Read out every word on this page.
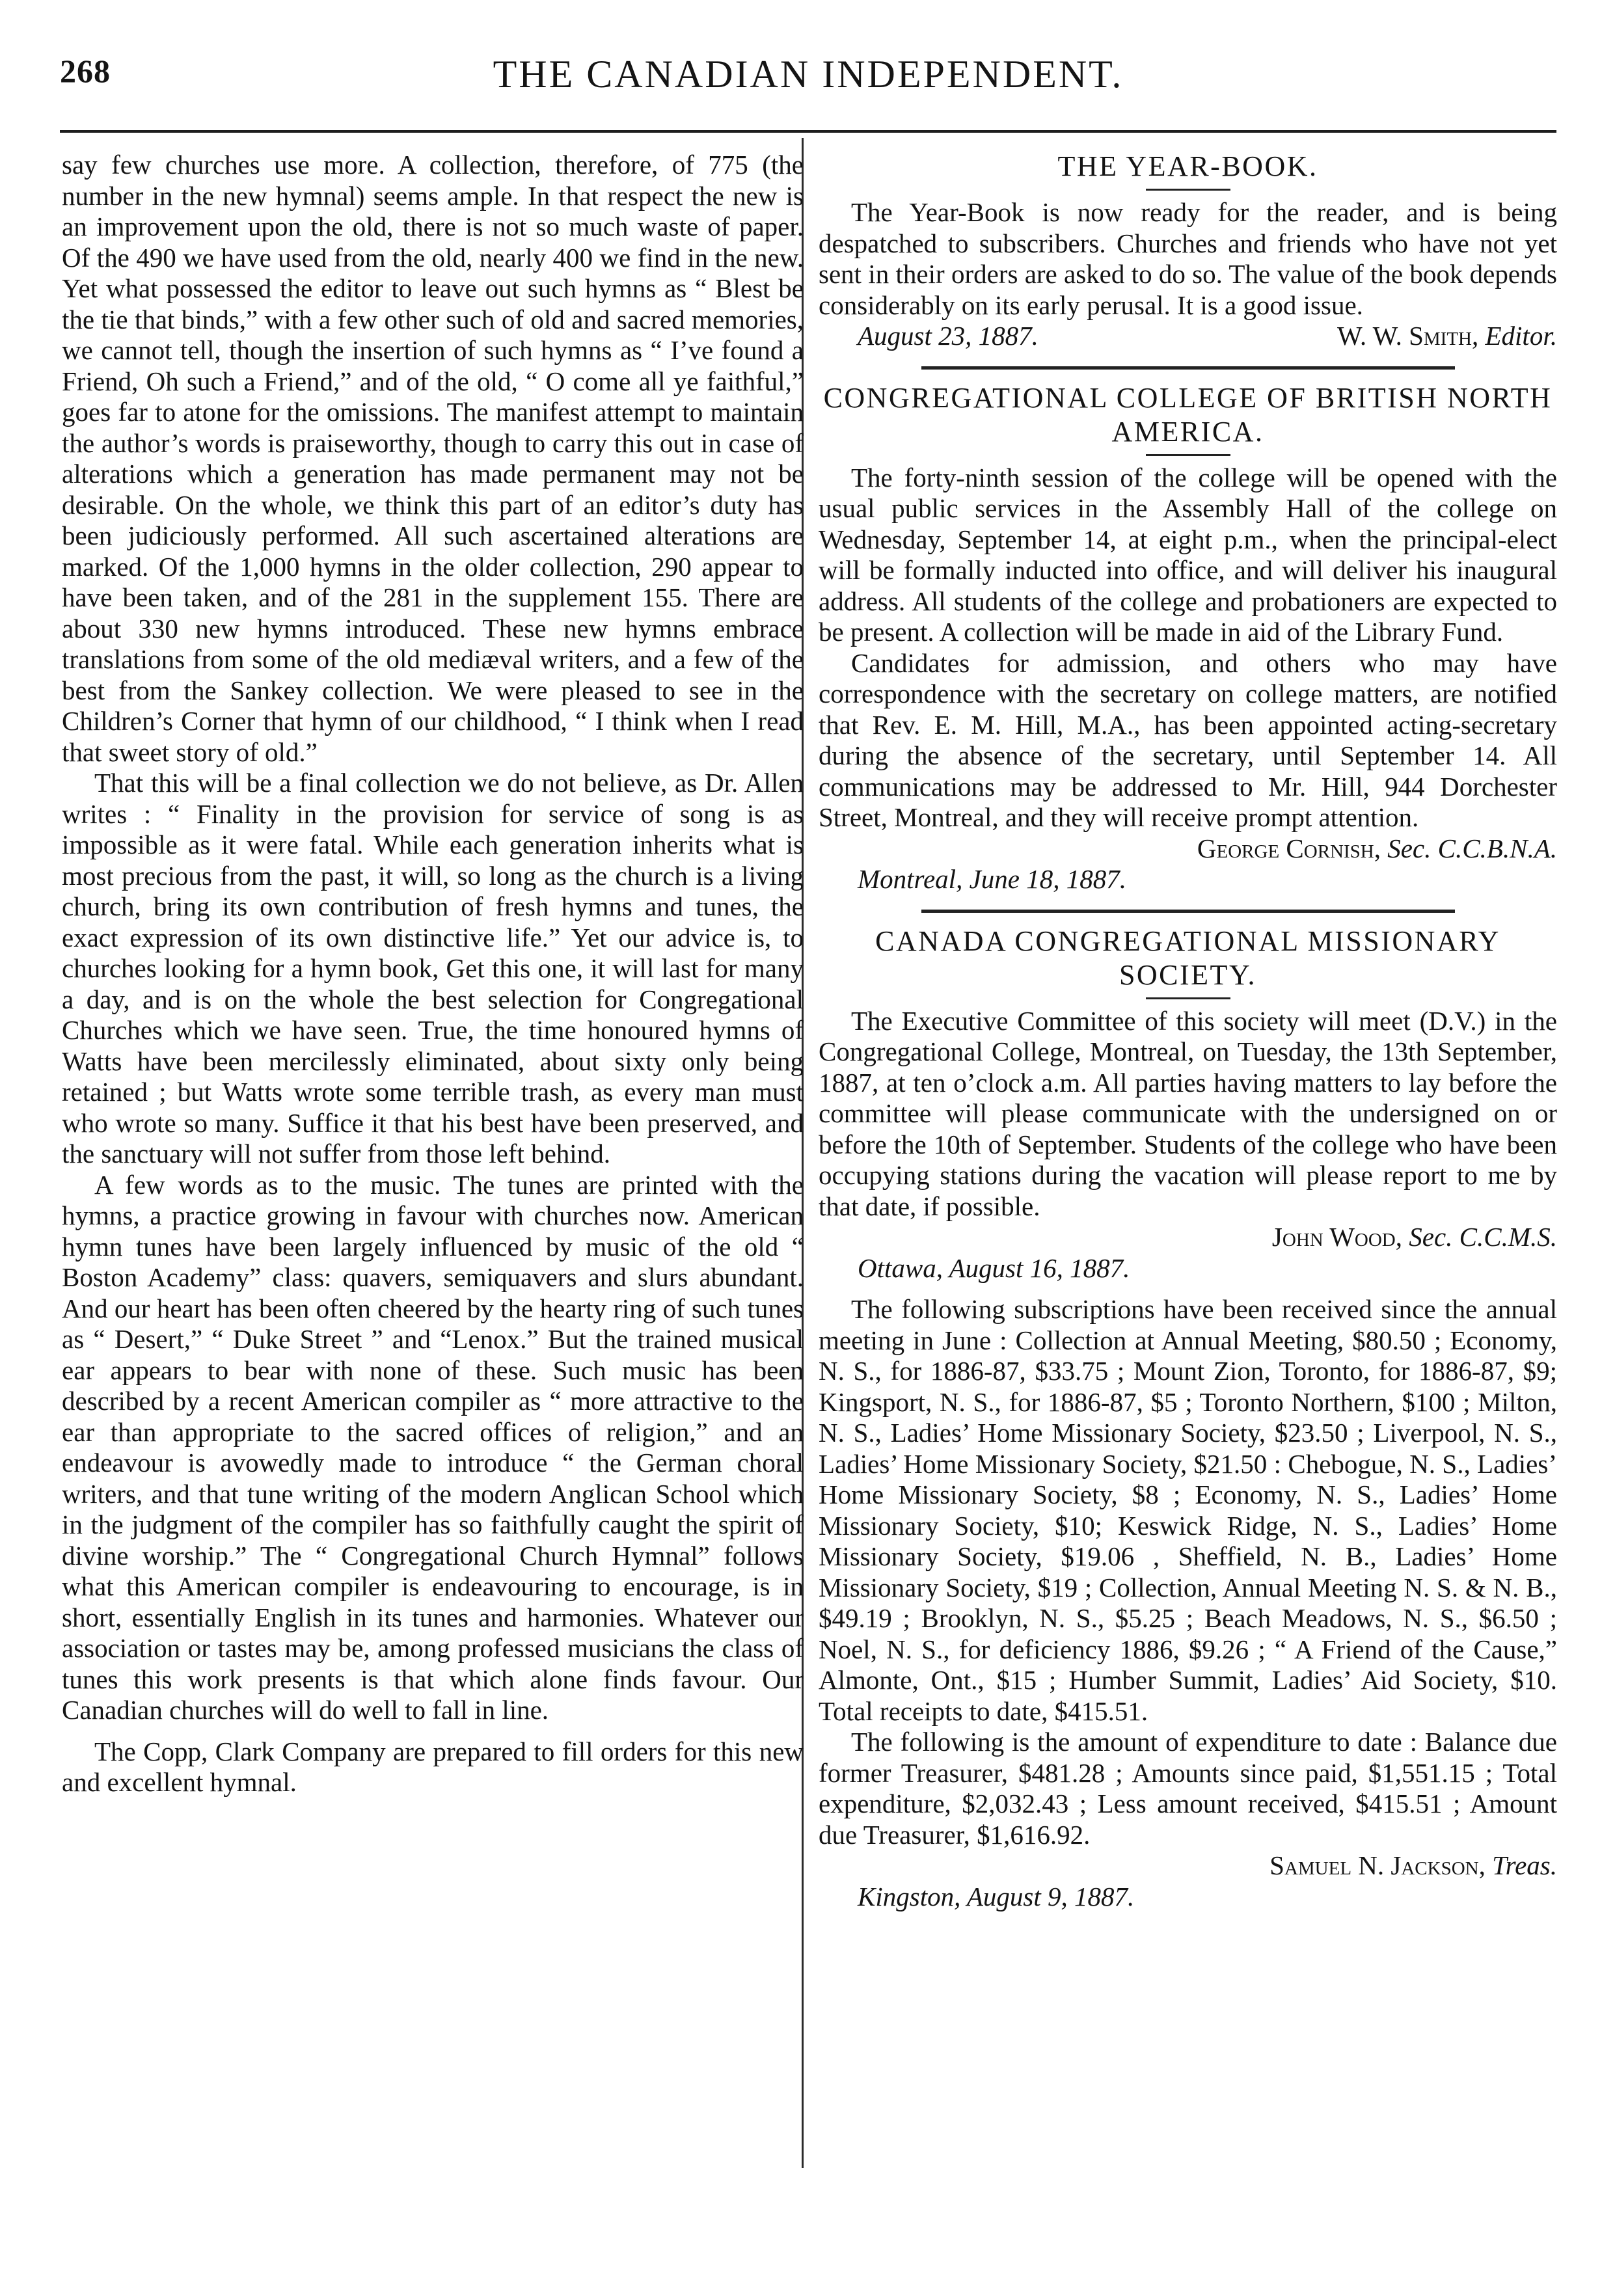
268	THE CANADIAN INDEPENDENT.

say few churches use more. A collection, therefore, of 775 (the number in the new hymnal) seems ample. In that respect the new is an improvement upon the old, there is not so much waste of paper. Of the 490 we have used from the old, nearly 400 we find in the new. Yet what possessed the editor to leave out such hymns as “ Blest be the tie that binds,” with a few other such of old and sacred memories, we cannot tell, though the insertion of such hymns as “ I’ve found a Friend, Oh such a Friend,” and of the old, “ O come all ye faithful,” goes far to atone for the omissions. The manifest attempt to maintain the author’s words is praiseworthy, though to carry this out in case of alterations which a generation has made permanent may not be desirable. On the whole, we think this part of an editor’s duty has been judiciously performed. All such ascertained alterations are marked. Of the 1,000 hymns in the older collection, 290 appear to have been taken, and of the 281 in the supplement 155. There are about 330 new hymns introduced. These new hymns embrace translations from some of the old mediæval writers, and a few of the best from the Sankey collection. We were pleased to see in the Children’s Corner that hymn of our childhood, “ I think when I read that sweet story of old.”

That this will be a final collection we do not believe, as Dr. Allen writes : “ Finality in the provision for service of song is as impossible as it were fatal. While each generation inherits what is most precious from the past, it will, so long as the church is a living church, bring its own contribution of fresh hymns and tunes, the exact expression of its own distinctive life.” Yet our advice is, to churches looking for a hymn book, Get this one, it will last for many a day, and is on the whole the best selection for Congregational Churches which we have seen. True, the time honoured hymns of Watts have been mercilessly eliminated, about sixty only being retained ; but Watts wrote some terrible trash, as every man must who wrote so many. Suffice it that his best have been preserved, and the sanctuary will not suffer from those left behind.

A few words as to the music. The tunes are printed with the hymns, a practice growing in favour with churches now. American hymn tunes have been largely influenced by music of the old “ Boston Academy” class: quavers, semiquavers and slurs abundant. And our heart has been often cheered by the hearty ring of such tunes as “ Desert,” “ Duke Street ” and “Lenox.” But the trained musical ear appears to bear with none of these. Such music has been described by a recent American compiler as “ more attractive to the ear than appropriate to the sacred offices of religion,” and an endeavour is avowedly made to introduce “ the German choral writers, and that tune writing of the modern Anglican School which in the judgment of the compiler has so faithfully caught the spirit of divine worship.” The “ Congregational Church Hymnal” follows what this American compiler is endeavouring to encourage, is in short, essentially English in its tunes and harmonies. Whatever our association or tastes may be, among professed musicians the class of tunes this work presents is that which alone finds favour. Our Canadian churches will do well to fall in line.

The Copp, Clark Company are prepared to fill orders for this new and excellent hymnal.

THE YEAR-BOOK.

The Year-Book is now ready for the reader, and is being despatched to subscribers. Churches and friends who have not yet sent in their orders are asked to do so. The value of the book depends considerably on its early perusal. It is a good issue.

August 23, 1887.	W. W. Smith, Editor.
CONGREGATIONAL COLLEGE OF BRITISH NORTH AMERICA.

The forty-ninth session of the college will be opened with the usual public services in the Assembly Hall of the college on Wednesday, September 14, at eight p.m., when the principal-elect will be formally inducted into office, and will deliver his inaugural address. All students of the college and probationers are expected to be present. A collection will be made in aid of the Library Fund.

Candidates for admission, and others who may have correspondence with the secretary on college matters, are notified that Rev. E. M. Hill, M.A., has been appointed acting-secretary during the absence of the secretary, until September 14. All communications may be addressed to Mr. Hill, 944 Dorchester Street, Montreal, and they will receive prompt attention.

George Cornish, Sec. C.C.B.N.A.
Montreal, June 18, 1887.
CANADA CONGREGATIONAL MISSIONARY SOCIETY.

The Executive Committee of this society will meet (D.V.) in the Congregational College, Montreal, on Tuesday, the 13th September, 1887, at ten o’clock a.m. All parties having matters to lay before the committee will please communicate with the undersigned on or before the 10th of September. Students of the college who have been occupying stations during the vacation will please report to me by that date, if possible.

John Wood, Sec. C.C.M.S.
Ottawa, August 16, 1887.

The following subscriptions have been received since the annual meeting in June : Collection at Annual Meeting, $80.50 ; Economy, N. S., for 1886-87, $33.75 ; Mount Zion, Toronto, for 1886-87, $9; Kingsport, N. S., for 1886-87, $5 ; Toronto Northern, $100 ; Milton, N. S., Ladies’ Home Missionary Society, $23.50 ; Liverpool, N. S., Ladies’ Home Missionary Society, $21.50 : Chebogue, N. S., Ladies’ Home Missionary Society, $8 ; Economy, N. S., Ladies’ Home Missionary Society, $10; Keswick Ridge, N. S., Ladies’ Home Missionary Society, $19.06 , Sheffield, N. B., Ladies’ Home Missionary Society, $19 ; Collection, Annual Meeting N. S. & N. B., $49.19 ; Brooklyn, N. S., $5.25 ; Beach Meadows, N. S., $6.50 ; Noel, N. S., for deficiency 1886, $9.26 ; “ A Friend of the Cause,” Almonte, Ont., $15 ; Humber Summit, Ladies’ Aid Society, $10. Total receipts to date, $415.51.

The following is the amount of expenditure to date : Balance due former Treasurer, $481.28 ; Amounts since paid, $1,551.15 ; Total expenditure, $2,032.43 ; Less amount received, $415.51 ; Amount due Treasurer, $1,616.92.

Samuel N. Jackson, Treas.
Kingston, August 9, 1887.
